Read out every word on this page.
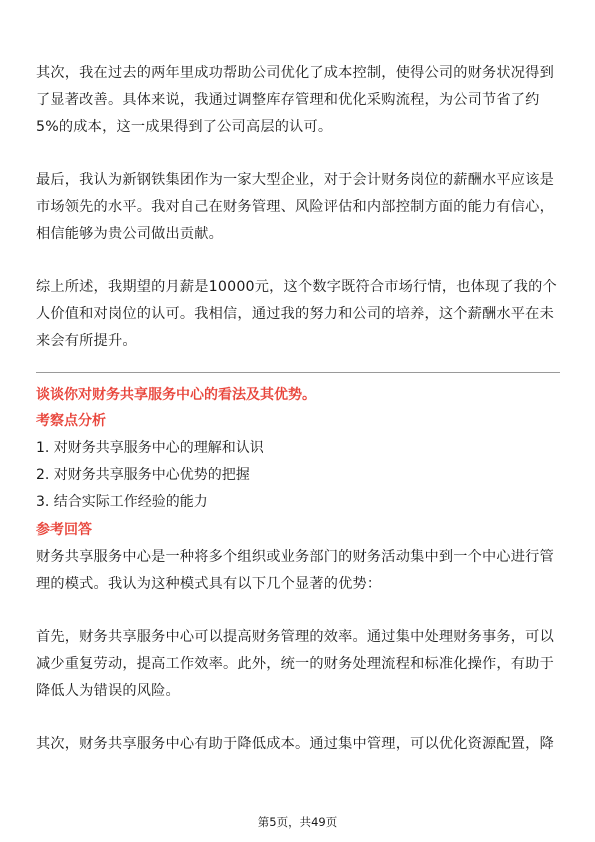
其次，我在过去的两年里成功帮助公司优化了成本控制，使得公司的财务状况得到

了显著改善。具体来说，我通过调整库存管理和优化采购流程，为公司节省了约

5%的成本，这一成果得到了公司高层的认可。

最后，我认为新钢铁集团作为一家大型企业，对于会计财务岗位的薪酬水平应该是

市场领先的水平。我对自己在财务管理、风险评估和内部控制方面的能力有信心，

相信能够为贵公司做出贡献。

综上所述，我期望的月薪是10000元，这个数字既符合市场行情，也体现了我的个

人价值和对岗位的认可。我相信，通过我的努力和公司的培养，这个薪酬水平在未

来会有所提升。

谈谈你对财务共享服务中心的看法及其优势。
考察点分析
1. 对财务共享服务中心的理解和认识
2. 对财务共享服务中心优势的把握
3. 结合实际工作经验的能力
参考回答

财务共享服务中心是一种将多个组织或业务部门的财务活动集中到一个中心进行管

理的模式。我认为这种模式具有以下几个显著的优势：

首先，财务共享服务中心可以提高财务管理的效率。通过集中处理财务事务，可以

减少重复劳动，提高工作效率。此外，统一的财务处理流程和标准化操作，有助于

降低人为错误的风险。

其次，财务共享服务中心有助于降低成本。通过集中管理，可以优化资源配置，降

第5页，共49页
